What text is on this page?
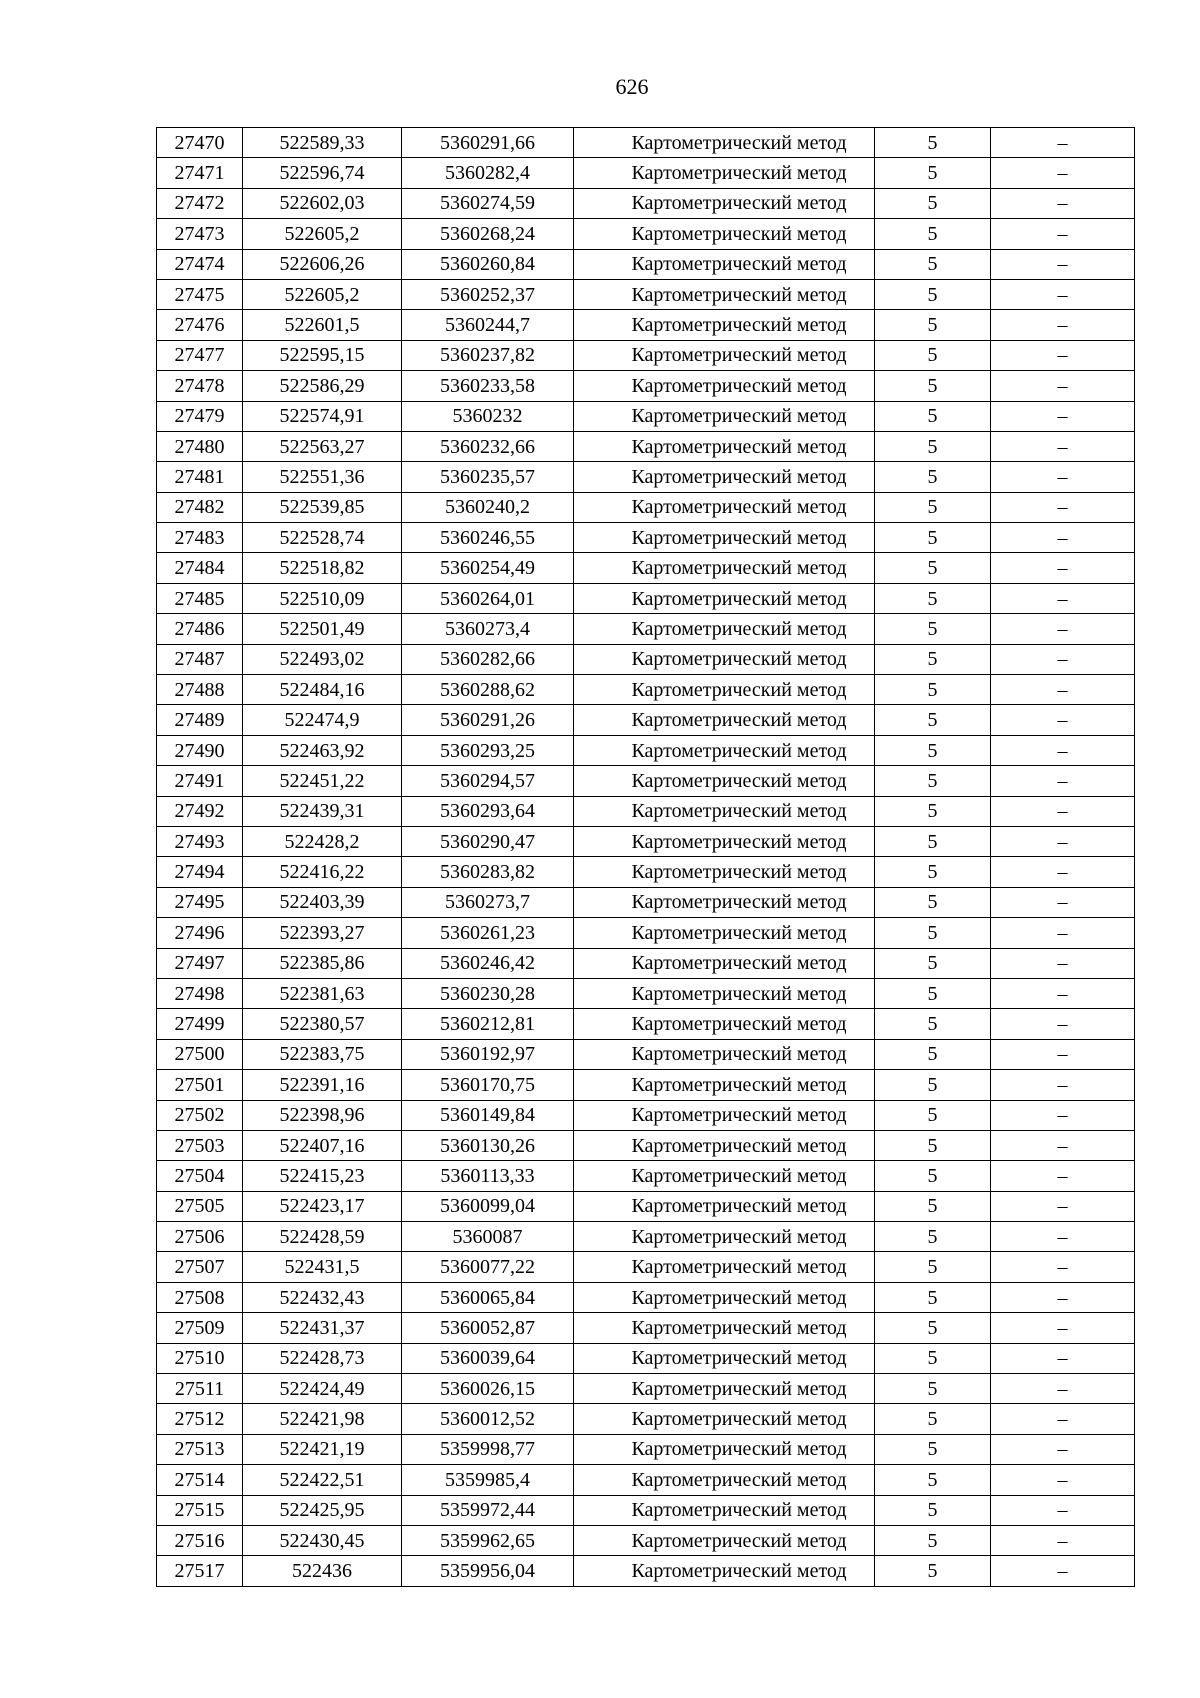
626
27470	522589,33	5360291,66	Картометрический метод	5	–
27471	522596,74	5360282,4	Картометрический метод	5	–
27472	522602,03	5360274,59	Картометрический метод	5	–
27473	522605,2	5360268,24	Картометрический метод	5	–
27474	522606,26	5360260,84	Картометрический метод	5	–
27475	522605,2	5360252,37	Картометрический метод	5	–
27476	522601,5	5360244,7	Картометрический метод	5	–
27477	522595,15	5360237,82	Картометрический метод	5	–
27478	522586,29	5360233,58	Картометрический метод	5	–
27479	522574,91	5360232	Картометрический метод	5	–
27480	522563,27	5360232,66	Картометрический метод	5	–
27481	522551,36	5360235,57	Картометрический метод	5	–
27482	522539,85	5360240,2	Картометрический метод	5	–
27483	522528,74	5360246,55	Картометрический метод	5	–
27484	522518,82	5360254,49	Картометрический метод	5	–
27485	522510,09	5360264,01	Картометрический метод	5	–
27486	522501,49	5360273,4	Картометрический метод	5	–
27487	522493,02	5360282,66	Картометрический метод	5	–
27488	522484,16	5360288,62	Картометрический метод	5	–
27489	522474,9	5360291,26	Картометрический метод	5	–
27490	522463,92	5360293,25	Картометрический метод	5	–
27491	522451,22	5360294,57	Картометрический метод	5	–
27492	522439,31	5360293,64	Картометрический метод	5	–
27493	522428,2	5360290,47	Картометрический метод	5	–
27494	522416,22	5360283,82	Картометрический метод	5	–
27495	522403,39	5360273,7	Картометрический метод	5	–
27496	522393,27	5360261,23	Картометрический метод	5	–
27497	522385,86	5360246,42	Картометрический метод	5	–
27498	522381,63	5360230,28	Картометрический метод	5	–
27499	522380,57	5360212,81	Картометрический метод	5	–
27500	522383,75	5360192,97	Картометрический метод	5	–
27501	522391,16	5360170,75	Картометрический метод	5	–
27502	522398,96	5360149,84	Картометрический метод	5	–
27503	522407,16	5360130,26	Картометрический метод	5	–
27504	522415,23	5360113,33	Картометрический метод	5	–
27505	522423,17	5360099,04	Картометрический метод	5	–
27506	522428,59	5360087	Картометрический метод	5	–
27507	522431,5	5360077,22	Картометрический метод	5	–
27508	522432,43	5360065,84	Картометрический метод	5	–
27509	522431,37	5360052,87	Картометрический метод	5	–
27510	522428,73	5360039,64	Картометрический метод	5	–
27511	522424,49	5360026,15	Картометрический метод	5	–
27512	522421,98	5360012,52	Картометрический метод	5	–
27513	522421,19	5359998,77	Картометрический метод	5	–
27514	522422,51	5359985,4	Картометрический метод	5	–
27515	522425,95	5359972,44	Картометрический метод	5	–
27516	522430,45	5359962,65	Картометрический метод	5	–
27517	522436	5359956,04	Картометрический метод	5	–
